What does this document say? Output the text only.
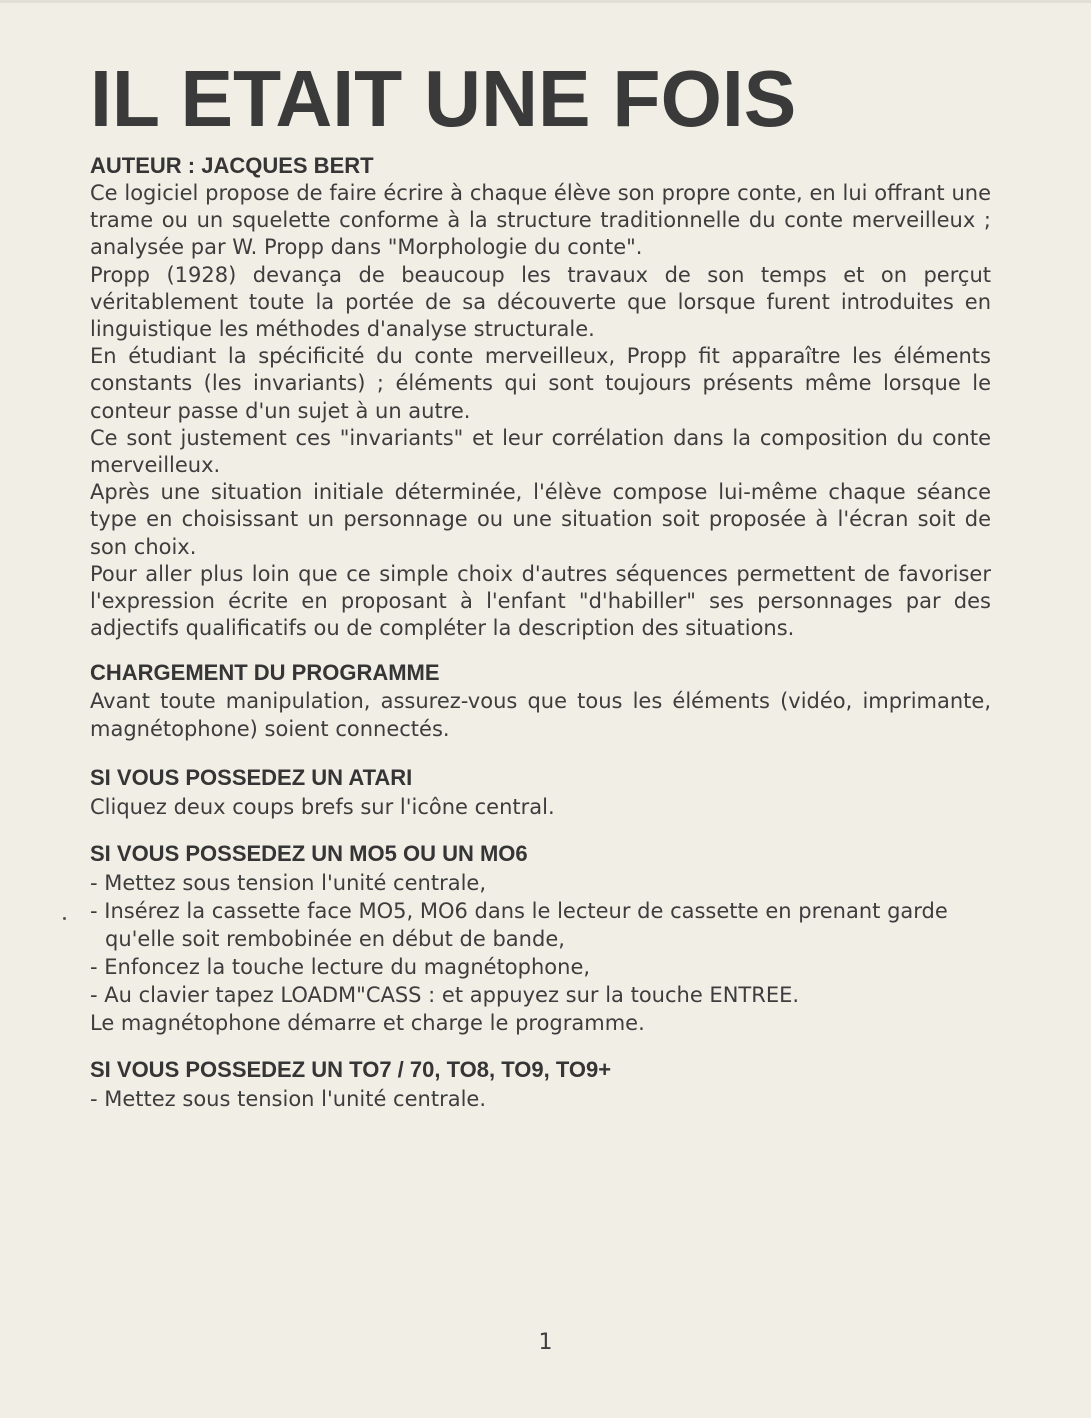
IL ETAIT UNE FOIS
AUTEUR : JACQUES BERT

Ce logiciel propose de faire écrire à chaque élève son propre conte, en lui offrant une trame ou un squelette conforme à la structure traditionnelle du conte merveilleux ; analysée par W. Propp dans "Morphologie du conte".

Propp (1928) devança de beaucoup les travaux de son temps et on perçut véritablement toute la portée de sa découverte que lorsque furent introduites en linguistique les méthodes d'analyse structurale.

En étudiant la spécificité du conte merveilleux, Propp fit apparaître les éléments constants (les invariants) ; éléments qui sont toujours présents même lorsque le conteur passe d'un sujet à un autre.

Ce sont justement ces "invariants" et leur corrélation dans la composition du conte merveilleux.

Après une situation initiale déterminée, l'élève compose lui-même chaque séance type en choisissant un personnage ou une situation soit proposée à l'écran soit de son choix.

Pour aller plus loin que ce simple choix d'autres séquences permettent de favoriser l'expression écrite en proposant à l'enfant "d'habiller" ses personnages par des adjectifs qualificatifs ou de compléter la description des situations.

CHARGEMENT DU PROGRAMME

Avant toute manipulation, assurez-vous que tous les éléments (vidéo, imprimante, magnétophone) soient connectés.

SI VOUS POSSEDEZ UN ATARI
Cliquez deux coups brefs sur l'icône central.
SI VOUS POSSEDEZ UN MO5 OU UN MO6
- Mettez sous tension l'unité centrale,
- Insérez la cassette face MO5, MO6 dans le lecteur de cassette en prenant garde qu'elle soit rembobinée en début de bande,
- Enfoncez la touche lecture du magnétophone,
- Au clavier tapez LOADM"CASS : et appuyez sur la touche ENTREE.
Le magnétophone démarre et charge le programme.
SI VOUS POSSEDEZ UN TO7 / 70, TO8, TO9, TO9+
- Mettez sous tension l'unité centrale.
1
